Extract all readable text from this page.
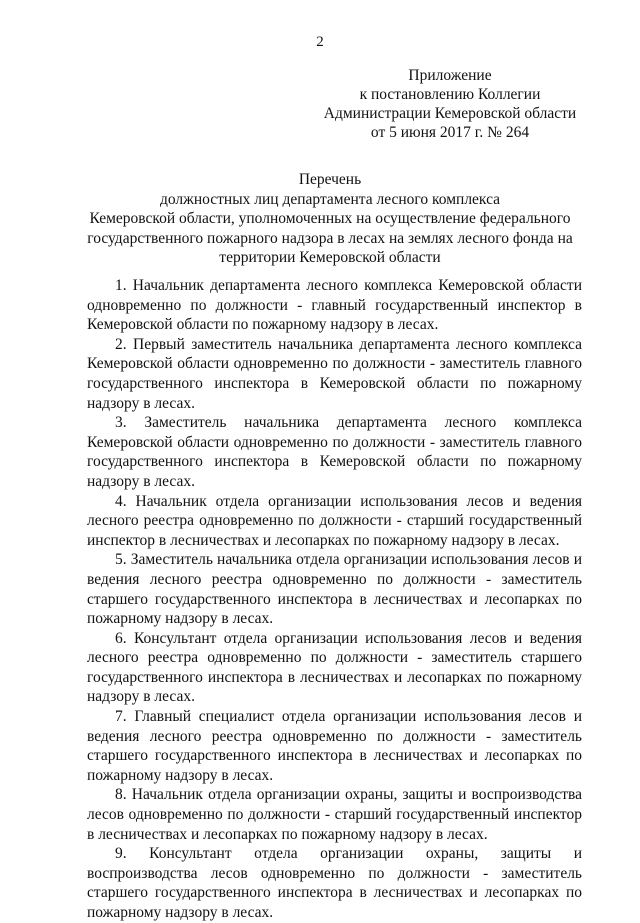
2
Приложение
к постановлению Коллегии
Администрации Кемеровской области
от 5 июня 2017 г. № 264
Перечень
должностных лиц департамента лесного комплекса
Кемеровской области, уполномоченных на осуществление федерального
государственного пожарного надзора в лесах на землях лесного фонда на
территории Кемеровской области

1. Начальник департамента лесного комплекса Кемеровской области одновременно по должности - главный государственный инспектор в Кемеровской области по пожарному надзору в лесах.

2. Первый заместитель начальника департамента лесного комплекса Кемеровской области одновременно по должности - заместитель главного государственного инспектора в Кемеровской области по пожарному надзору в лесах.

3. Заместитель начальника департамента лесного комплекса Кемеровской области одновременно по должности - заместитель главного государственного инспектора в Кемеровской области по пожарному надзору в лесах.

4. Начальник отдела организации использования лесов и ведения лесного реестра одновременно по должности - старший государственный инспектор в лесничествах и лесопарках по пожарному надзору в лесах.

5. Заместитель начальника отдела организации использования лесов и ведения лесного реестра одновременно по должности - заместитель старшего государственного инспектора в лесничествах и лесопарках по пожарному надзору в лесах.

6. Консультант отдела организации использования лесов и ведения лесного реестра одновременно по должности - заместитель старшего государственного инспектора в лесничествах и лесопарках по пожарному надзору в лесах.

7. Главный специалист отдела организации использования лесов и ведения лесного реестра одновременно по должности - заместитель старшего государственного инспектора в лесничествах и лесопарках по пожарному надзору в лесах.

8. Начальник отдела организации охраны, защиты и воспроизводства лесов одновременно по должности - старший государственный инспектор в лесничествах и лесопарках по пожарному надзору в лесах.

9. Консультант отдела организации охраны, защиты и воспроизводства лесов одновременно по должности - заместитель старшего государственного инспектора в лесничествах и лесопарках по пожарному надзору в лесах.
